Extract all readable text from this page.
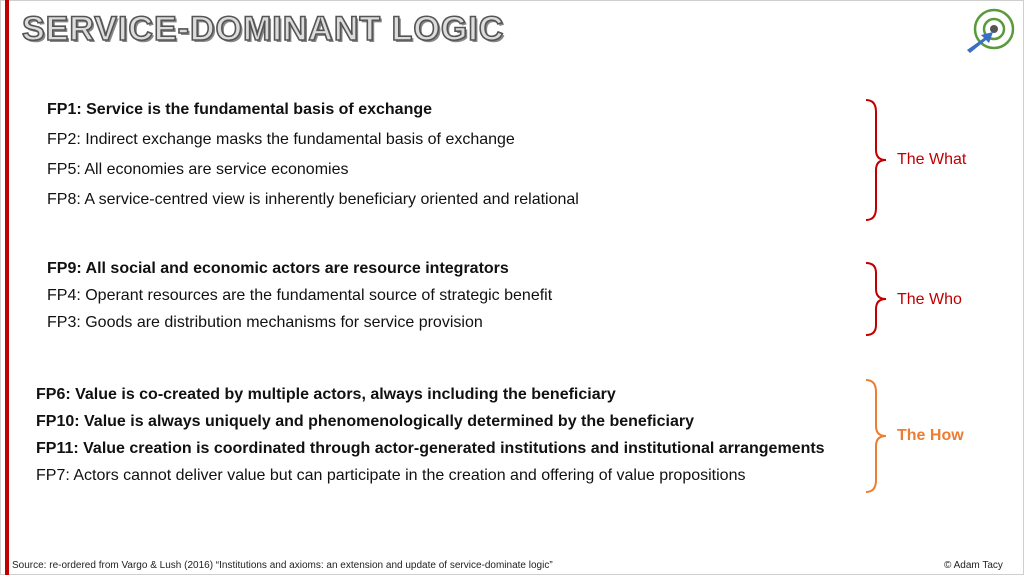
SERVICE-DOMINANT LOGIC
FP1: Service is the fundamental basis of exchange
FP2: Indirect exchange masks the fundamental basis of exchange
FP5: All economies are service economies
FP8: A service-centred view is inherently beneficiary oriented and relational
The What
FP9: All social and economic actors are resource integrators
FP4: Operant resources are the fundamental source of strategic benefit
FP3: Goods are distribution mechanisms for service provision
The Who
FP6: Value is co-created by multiple actors, always including the beneficiary
FP10: Value is always uniquely and phenomenologically determined by the beneficiary
FP11: Value creation is coordinated through actor-generated institutions and institutional arrangements
FP7: Actors cannot deliver value but can participate in the creation and offering of value propositions
The How
Source: re-ordered from Vargo & Lush (2016) “Institutions and axioms: an extension and update of service-dominate logic”	© Adam Tacy
